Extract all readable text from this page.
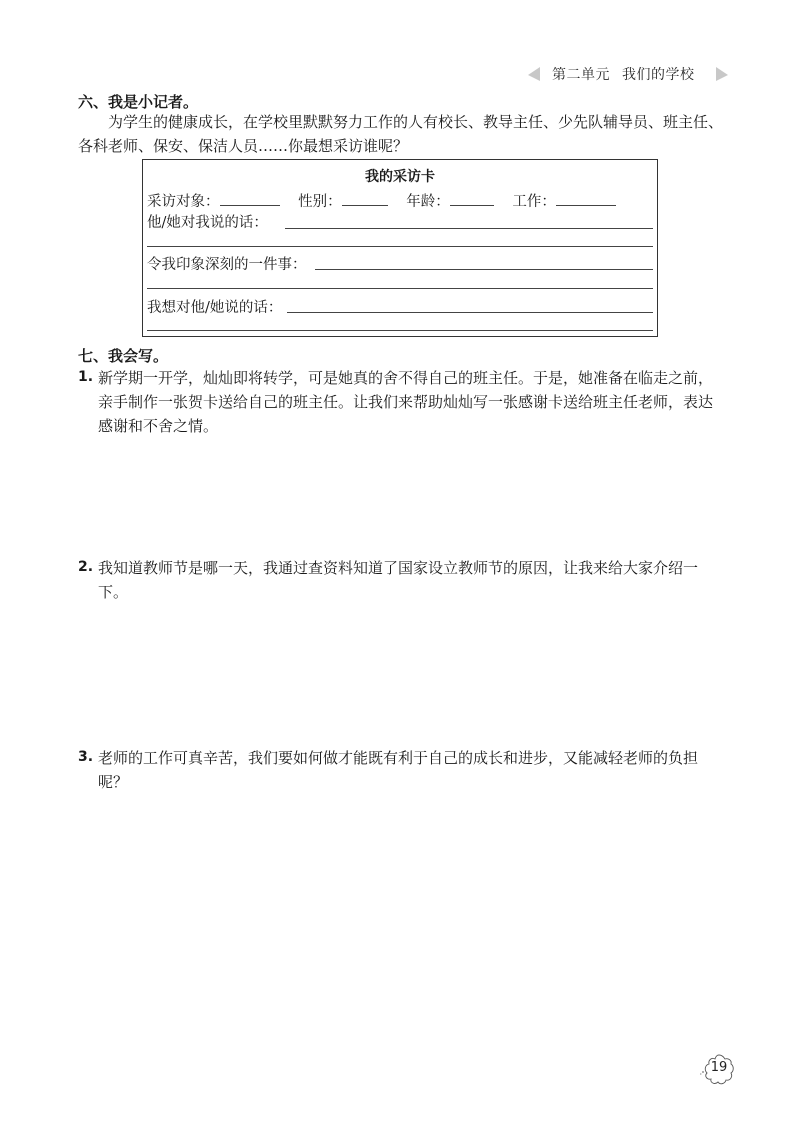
第二单元 我们的学校
六、我是小记者。
为学生的健康成长，在学校里默默努力工作的人有校长、教导主任、少先队辅导员、班主任、各科老师、保安、保洁人员……你最想采访谁呢？
我的采访卡
采访对象：	性别：	年龄：	工作：
他/她对我说的话：
令我印象深刻的一件事：
我想对他/她说的话：
七、我会写。
1. 新学期一开学，灿灿即将转学，可是她真的舍不得自己的班主任。于是，她准备在临走之前，亲手制作一张贺卡送给自己的班主任。让我们来帮助灿灿写一张感谢卡送给班主任老师，表达感谢和不舍之情。
2. 我知道教师节是哪一天，我通过查资料知道了国家设立教师节的原因，让我来给大家介绍一下。
3. 老师的工作可真辛苦，我们要如何做才能既有利于自己的成长和进步，又能减轻老师的负担呢？
19
